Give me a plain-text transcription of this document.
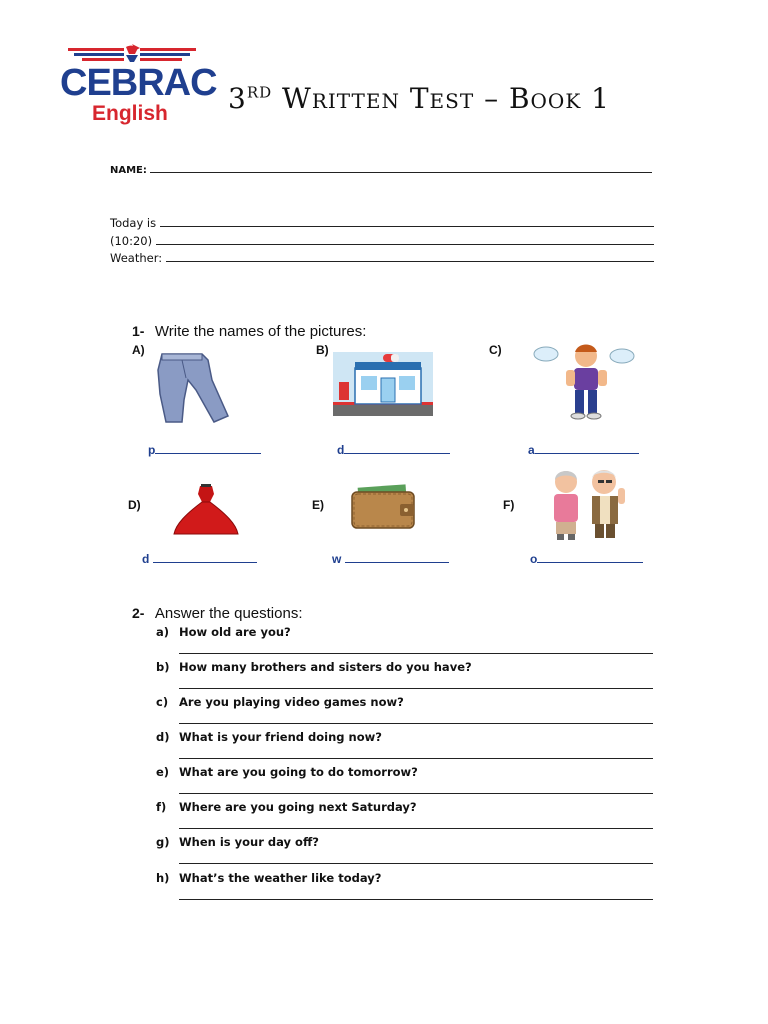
CEBRAC
English 3RD Written Test – Book 1
NAME:
Today is
(10:20)
Weather:
1- Write the names of the pictures:
A)	B)	C)
p	d	a
D)	E)	F)
d	w	o
2- Answer the questions:
a) How old are you?
b) How many brothers and sisters do you have?
c) Are you playing video games now?
d) What is your friend doing now?
e) What are you going to do tomorrow?
f) Where are you going next Saturday?
g) When is your day off?
h) What’s the weather like today?
